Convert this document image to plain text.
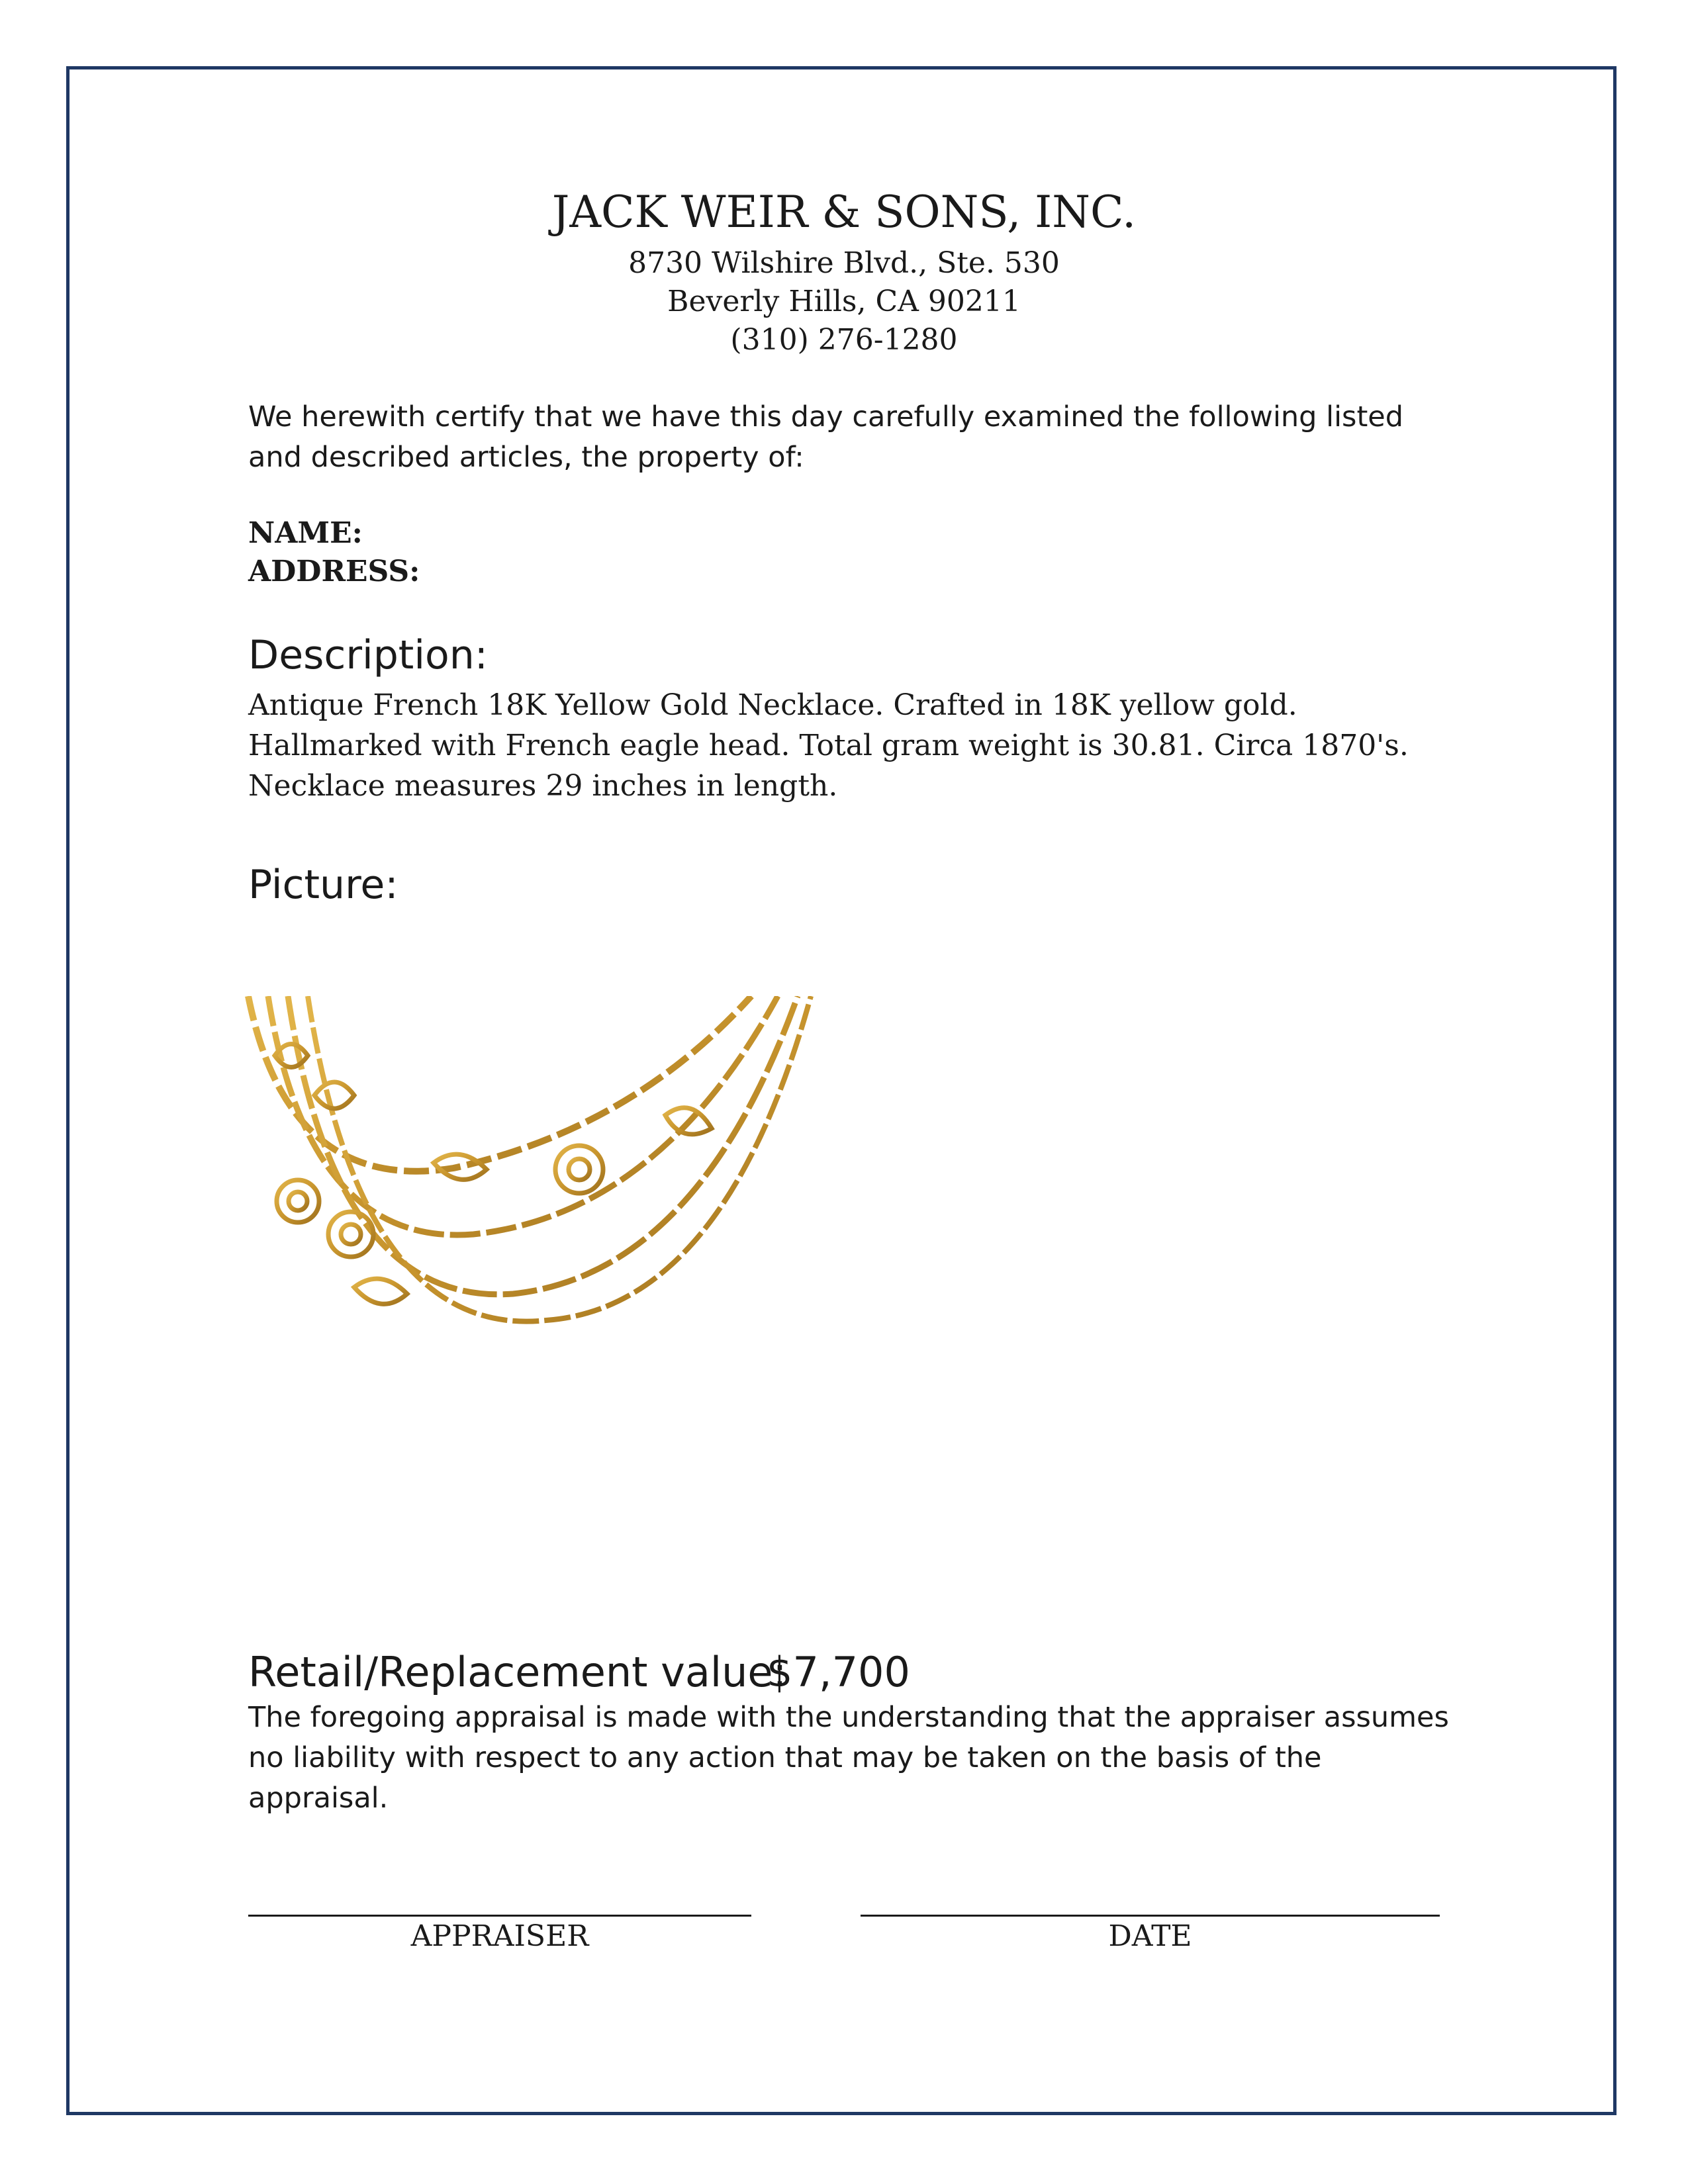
JACK WEIR & SONS, INC.
8730 Wilshire Blvd., Ste. 530
Beverly Hills, CA 90211
(310) 276-1280
We herewith certify that we have this day carefully examined the following listed and described articles, the property of:
NAME:
ADDRESS:
Description:
Antique French 18K Yellow Gold Necklace. Crafted in 18K yellow gold. Hallmarked with French eagle head. Total gram weight is 30.81. Circa 1870's. Necklace measures 29 inches in length.
Picture:
Retail/Replacement value:
$7,700
The foregoing appraisal is made with the understanding that the appraiser assumes no liability with respect to any action that may be taken on the basis of the appraisal.
APPRAISER	DATE
